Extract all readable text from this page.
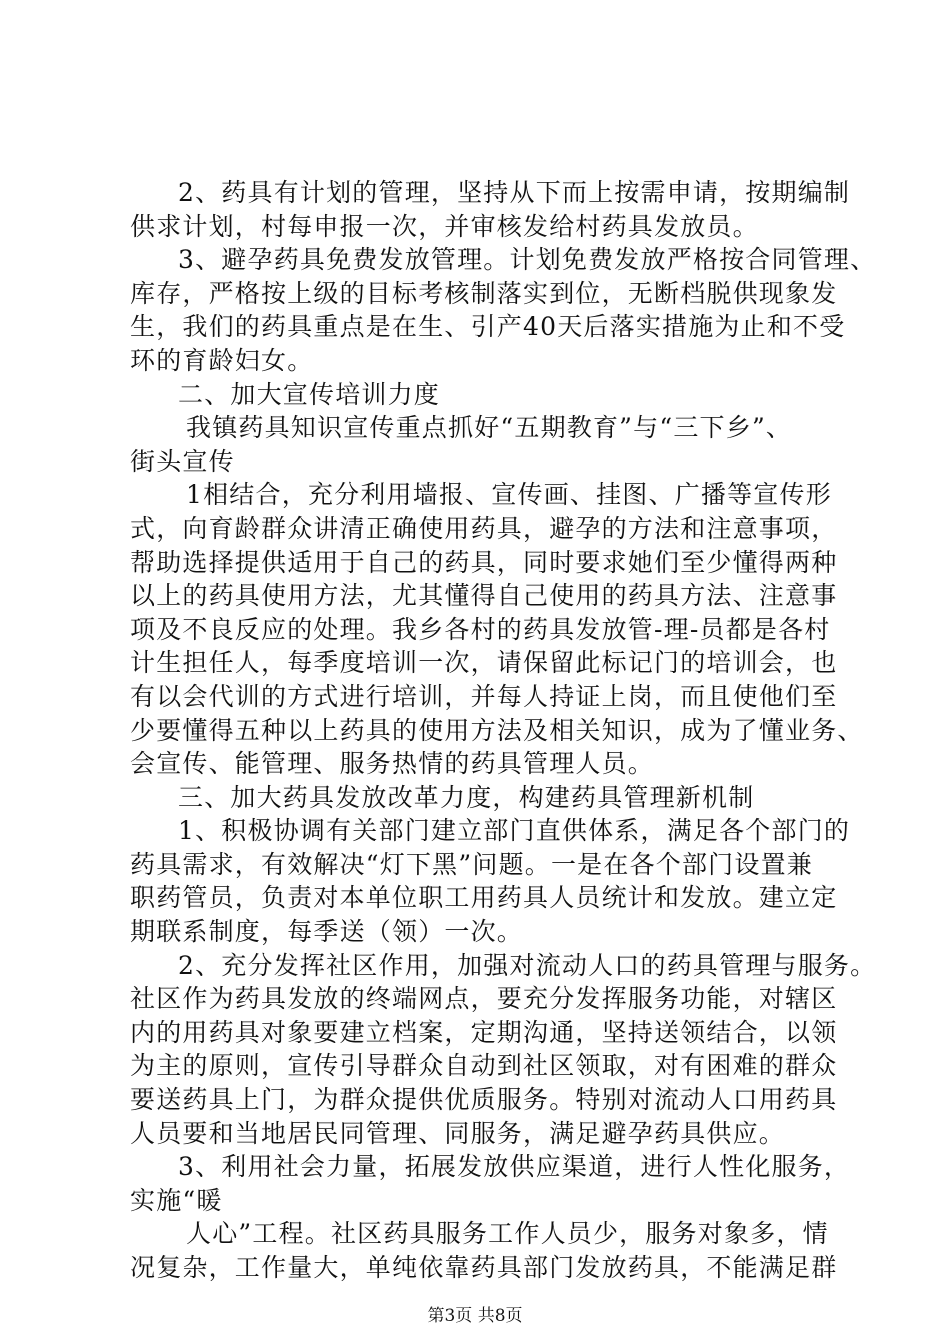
2、药具有计划的管理，坚持从下而上按需申请，按期编制
供求计划，村每申报一次，并审核发给村药具发放员。
3、避孕药具免费发放管理。计划免费发放严格按合同管理、
库存，严格按上级的目标考核制落实到位，无断档脱供现象发
生，我们的药具重点是在生、引产40天后落实措施为止和不受
环的育龄妇女。
二、加大宣传培训力度
我镇药具知识宣传重点抓好“五期教育”与“三下乡”、
街头宣传
1相结合，充分利用墙报、宣传画、挂图、广播等宣传形
式，向育龄群众讲清正确使用药具，避孕的方法和注意事项，
帮助选择提供适用于自己的药具，同时要求她们至少懂得两种
以上的药具使用方法，尤其懂得自己使用的药具方法、注意事
项及不良反应的处理。我乡各村的药具发放管-理-员都是各村
计生担任人，每季度培训一次，请保留此标记门的培训会，也
有以会代训的方式进行培训，并每人持证上岗，而且使他们至
少要懂得五种以上药具的使用方法及相关知识，成为了懂业务、
会宣传、能管理、服务热情的药具管理人员。
三、加大药具发放改革力度，构建药具管理新机制
1、积极协调有关部门建立部门直供体系，满足各个部门的
药具需求，有效解决“灯下黑”问题。一是在各个部门设置兼
职药管员，负责对本单位职工用药具人员统计和发放。建立定
期联系制度，每季送（领）一次。
2、充分发挥社区作用，加强对流动人口的药具管理与服务。
社区作为药具发放的终端网点，要充分发挥服务功能，对辖区
内的用药具对象要建立档案，定期沟通，坚持送领结合，以领
为主的原则，宣传引导群众自动到社区领取，对有困难的群众
要送药具上门，为群众提供优质服务。特别对流动人口用药具
人员要和当地居民同管理、同服务，满足避孕药具供应。
3、利用社会力量，拓展发放供应渠道，进行人性化服务，
实施“暖
人心”工程。社区药具服务工作人员少，服务对象多，情
况复杂，工作量大，单纯依靠药具部门发放药具，不能满足群
第3页 共8页
